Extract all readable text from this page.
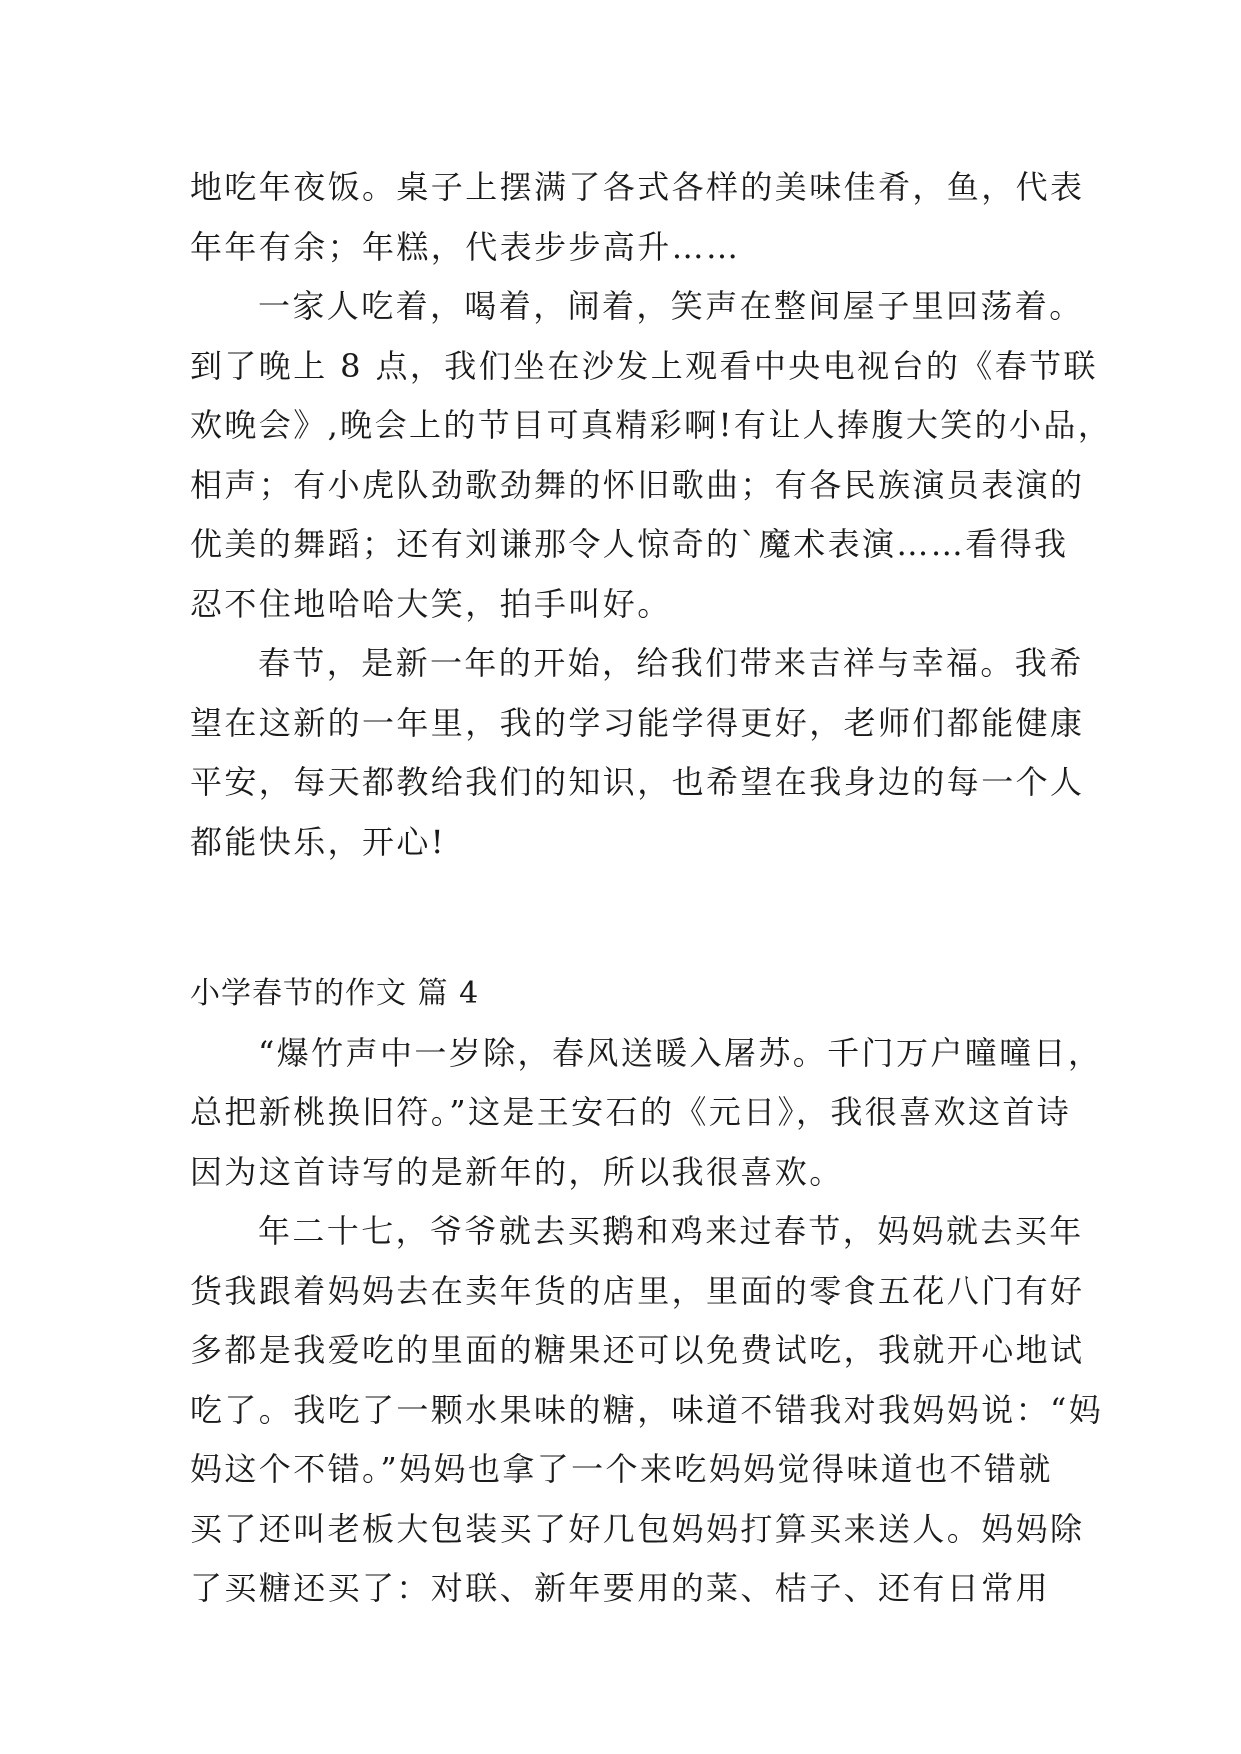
地吃年夜饭。桌子上摆满了各式各样的美味佳肴，鱼，代表
年年有余；年糕，代表步步高升……
一家人吃着，喝着，闹着，笑声在整间屋子里回荡着。
到了晚上 8 点，我们坐在沙发上观看中央电视台的《春节联
欢晚会》,晚会上的节目可真精彩啊!有让人捧腹大笑的小品，
相声；有小虎队劲歌劲舞的怀旧歌曲；有各民族演员表演的
优美的舞蹈；还有刘谦那令人惊奇的`魔术表演……看得我
忍不住地哈哈大笑，拍手叫好。
春节，是新一年的开始，给我们带来吉祥与幸福。我希
望在这新的一年里，我的学习能学得更好，老师们都能健康
平安，每天都教给我们的知识，也希望在我身边的每一个人
都能快乐，开心!
小学春节的作文 篇 4
“爆竹声中一岁除，春风送暖入屠苏。千门万户曈曈日，
总把新桃换旧符。”这是王安石的《元日》，我很喜欢这首诗
因为这首诗写的是新年的，所以我很喜欢。
年二十七，爷爷就去买鹅和鸡来过春节，妈妈就去买年
货我跟着妈妈去在卖年货的店里，里面的零食五花八门有好
多都是我爱吃的里面的糖果还可以免费试吃，我就开心地试
吃了。我吃了一颗水果味的糖，味道不错我对我妈妈说：“妈
妈这个不错。”妈妈也拿了一个来吃妈妈觉得味道也不错就
买了还叫老板大包装买了好几包妈妈打算买来送人。妈妈除
了买糖还买了：对联、新年要用的菜、桔子、还有日常用
